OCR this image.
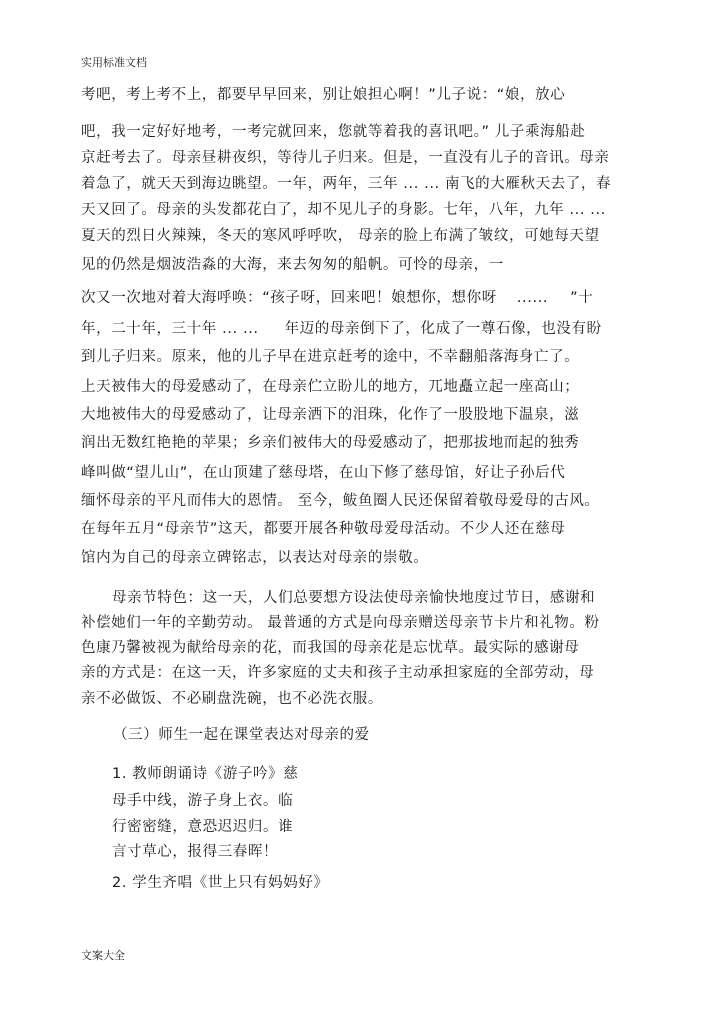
实用标准文档
考吧，考上考不上，都要早早回来，别让娘担心啊！”儿子说：“娘，放心
吧，我一定好好地考，一考完就回来，您就等着我的喜讯吧。” 儿子乘海船赴
京赶考去了。母亲昼耕夜织，等待儿子归来。但是，一直没有儿子的音讯。母亲
着急了，就天天到海边眺望。一年，两年，三年 ... ... 南飞的大雁秋天去了，春
天又回了。母亲的头发都花白了，却不见儿子的身影。七年，八年，九年 ... ...
夏天的烈日火辣辣，冬天的寒风呼呼吹， 母亲的脸上布满了皱纹，可她每天望
见的仍然是烟波浩淼的大海，来去匆匆的船帆。可怜的母亲，一
次又一次地对着大海呼唤：“孩子呀，回来吧！娘想你，想你呀 ...... ”十
年，二十年，三十年 ... ... 年迈的母亲倒下了，化成了一尊石像，也没有盼
到儿子归来。原来，他的儿子早在进京赶考的途中，不幸翻船落海身亡了。
上天被伟大的母爱感动了，在母亲伫立盼儿的地方，兀地矗立起一座高山；
大地被伟大的母爱感动了，让母亲洒下的泪珠，化作了一股股地下温泉，滋
润出无数红艳艳的苹果；乡亲们被伟大的母爱感动了，把那拔地而起的独秀
峰叫做“望儿山”，在山顶建了慈母塔，在山下修了慈母馆，好让子孙后代
缅怀母亲的平凡而伟大的恩情。 至今，鲅鱼圈人民还保留着敬母爱母的古风。
在每年五月“母亲节”这天，都要开展各种敬母爱母活动。不少人还在慈母
馆内为自己的母亲立碑铭志，以表达对母亲的崇敬。
母亲节特色：这一天，人们总要想方设法使母亲愉快地度过节日，感谢和
补偿她们一年的辛勤劳动。 最普通的方式是向母亲赠送母亲节卡片和礼物。粉
色康乃馨被视为献给母亲的花，而我国的母亲花是忘忧草。最实际的感谢母
亲的方式是：在这一天，许多家庭的丈夫和孩子主动承担家庭的全部劳动，母
亲不必做饭、不必刷盘洗碗，也不必洗衣服。
（三）师生一起在课堂表达对母亲的爱
1. 教师朗诵诗《游子吟》慈
母手中线，游子身上衣。临
行密密缝，意恐迟迟归。谁
言寸草心，报得三春晖！
2. 学生齐唱《世上只有妈妈好》
文案大全
